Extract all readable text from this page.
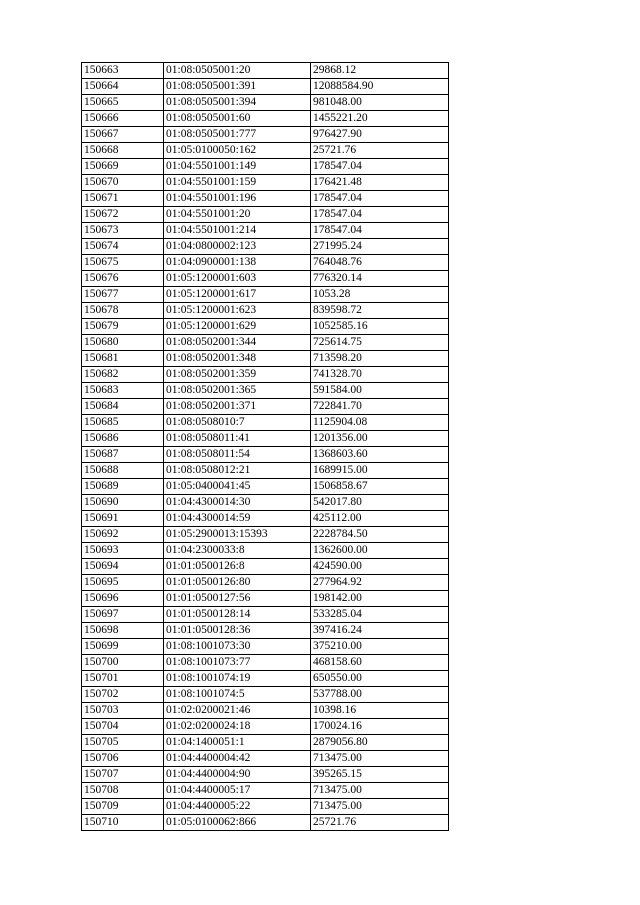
150663	01:08:0505001:20	29868.12
150664	01:08:0505001:391	12088584.90
150665	01:08:0505001:394	981048.00
150666	01:08:0505001:60	1455221.20
150667	01:08:0505001:777	976427.90
150668	01:05:0100050:162	25721.76
150669	01:04:5501001:149	178547.04
150670	01:04:5501001:159	176421.48
150671	01:04:5501001:196	178547.04
150672	01:04:5501001:20	178547.04
150673	01:04:5501001:214	178547.04
150674	01:04:0800002:123	271995.24
150675	01:04:0900001:138	764048.76
150676	01:05:1200001:603	776320.14
150677	01:05:1200001:617	1053.28
150678	01:05:1200001:623	839598.72
150679	01:05:1200001:629	1052585.16
150680	01:08:0502001:344	725614.75
150681	01:08:0502001:348	713598.20
150682	01:08:0502001:359	741328.70
150683	01:08:0502001:365	591584.00
150684	01:08:0502001:371	722841.70
150685	01:08:0508010:7	1125904.08
150686	01:08:0508011:41	1201356.00
150687	01:08:0508011:54	1368603.60
150688	01:08:0508012:21	1689915.00
150689	01:05:0400041:45	1506858.67
150690	01:04:4300014:30	542017.80
150691	01:04:4300014:59	425112.00
150692	01:05:2900013:15393	2228784.50
150693	01:04:2300033:8	1362600.00
150694	01:01:0500126:8	424590.00
150695	01:01:0500126:80	277964.92
150696	01:01:0500127:56	198142.00
150697	01:01:0500128:14	533285.04
150698	01:01:0500128:36	397416.24
150699	01:08:1001073:30	375210.00
150700	01:08:1001073:77	468158.60
150701	01:08:1001074:19	650550.00
150702	01:08:1001074:5	537788.00
150703	01:02:0200021:46	10398.16
150704	01:02:0200024:18	170024.16
150705	01:04:1400051:1	2879056.80
150706	01:04:4400004:42	713475.00
150707	01:04:4400004:90	395265.15
150708	01:04:4400005:17	713475.00
150709	01:04:4400005:22	713475.00
150710	01:05:0100062:866	25721.76
